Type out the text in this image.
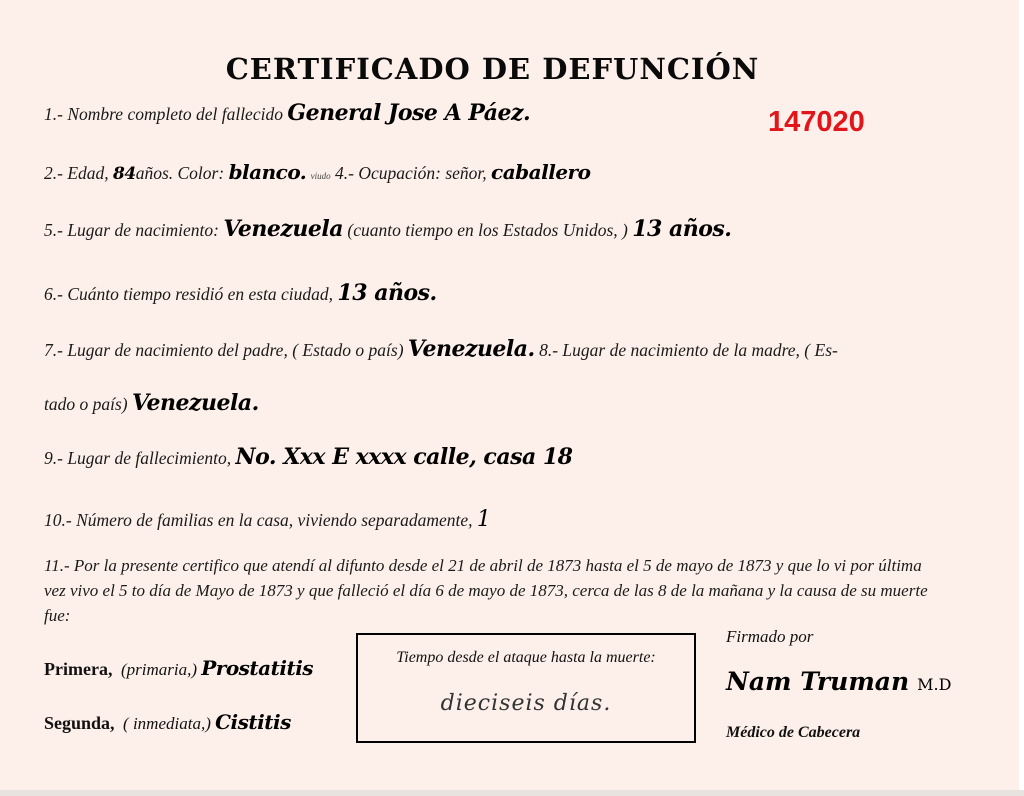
CERTIFICADO DE DEFUNCIÓN
147020
1.- Nombre completo del fallecido General Jose A Páez.
2.- Edad, 84años. Color: blanco. viudo 4.- Ocupación: señor, caballero
5.- Lugar de nacimiento: Venezuela (cuanto tiempo en los Estados Unidos, ) 13 años.
6.- Cuánto tiempo residió en esta ciudad, 13 años.
7.- Lugar de nacimiento del padre, ( Estado o país) Venezuela. 8.- Lugar de nacimiento de la madre, ( Es-
tado o país) Venezuela.
9.- Lugar de fallecimiento, No. Xxx E xxxx calle, casa 18
10.- Número de familias en la casa, viviendo separadamente, 1
11.- Por la presente certifico que atendí al difunto desde el 21 de abril de 1873 hasta el 5 de mayo de 1873 y que lo vi por última vez vivo el 5 to día de Mayo de 1873 y que falleció el día 6 de mayo de 1873, cerca de las 8 de la mañana y la causa de su muerte fue:
Primera, (primaria,) Prostatitis
Segunda, ( inmediata,) Cistitis
Tiempo desde el ataque hasta la muerte:
dieciseis días.
Firmado por
Nam Truman M.D
Médico de Cabecera
